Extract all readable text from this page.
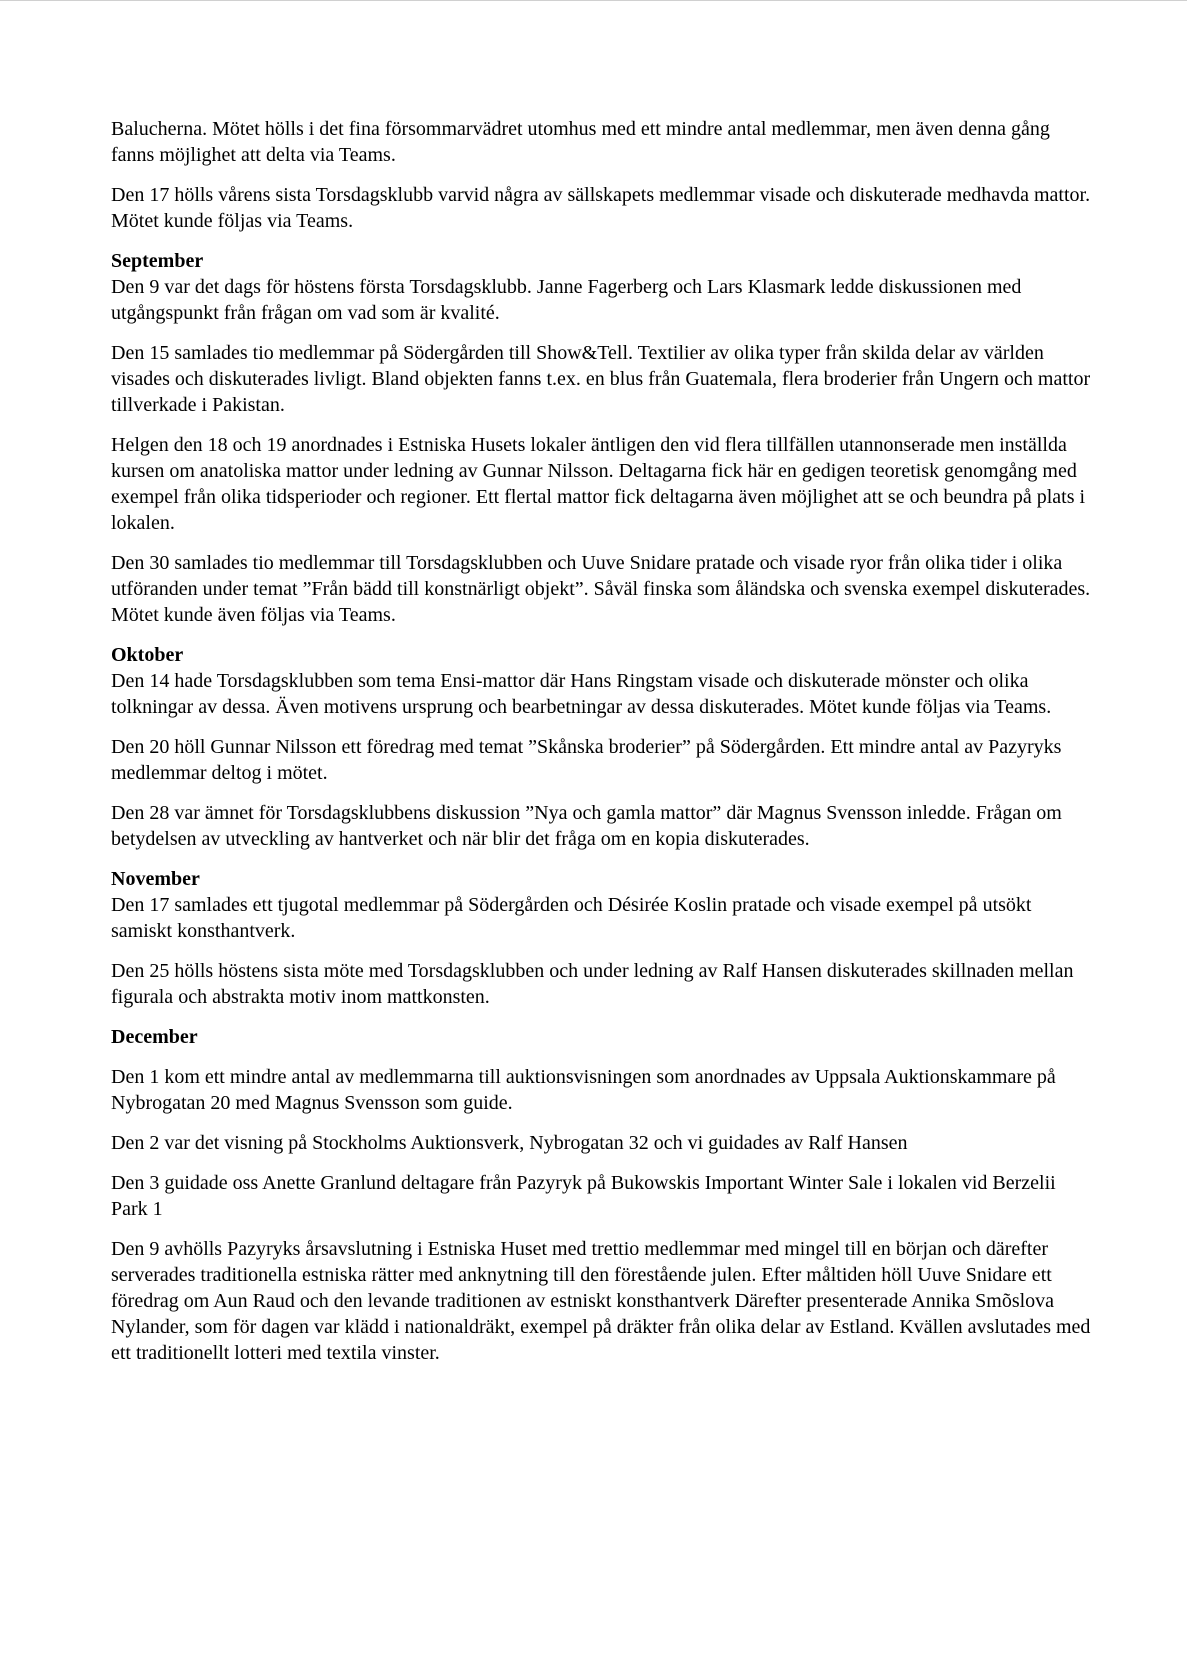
Balucherna. Mötet hölls i det fina försommarvädret utomhus med ett mindre antal medlemmar, men även denna gång fanns möjlighet att delta via Teams.

Den 17 hölls vårens sista Torsdagsklubb varvid några av sällskapets medlemmar visade och diskuterade medhavda mattor. Mötet kunde följas via Teams.

September

Den 9 var det dags för höstens första Torsdagsklubb. Janne Fagerberg och Lars Klasmark ledde diskussionen med utgångspunkt från frågan om vad som är kvalité.

Den 15 samlades tio medlemmar på Södergården till Show&Tell. Textilier av olika typer från skilda delar av världen visades och diskuterades livligt. Bland objekten fanns t.ex. en blus från Guatemala, flera broderier från Ungern och mattor tillverkade i Pakistan.

Helgen den 18 och 19 anordnades i Estniska Husets lokaler äntligen den vid flera tillfällen utannonserade men inställda kursen om anatoliska mattor under ledning av Gunnar Nilsson. Deltagarna fick här en gedigen teoretisk genomgång med exempel från olika tidsperioder och regioner. Ett flertal mattor fick deltagarna även möjlighet att se och beundra på plats i lokalen.

Den 30 samlades tio medlemmar till Torsdagsklubben och Uuve Snidare pratade och visade ryor från olika tider i olika utföranden under temat ”Från bädd till konstnärligt objekt”. Såväl finska som åländska och svenska exempel diskuterades. Mötet kunde även följas via Teams.

Oktober

Den 14 hade Torsdagsklubben som tema Ensi-mattor där Hans Ringstam visade och diskuterade mönster och olika tolkningar av dessa. Även motivens ursprung och bearbetningar av dessa diskuterades. Mötet kunde följas via Teams.

Den 20 höll Gunnar Nilsson ett föredrag med temat ”Skånska broderier” på Södergården. Ett mindre antal av Pazyryks medlemmar deltog i mötet.

Den 28 var ämnet för Torsdagsklubbens diskussion ”Nya och gamla mattor” där Magnus Svensson inledde. Frågan om betydelsen av utveckling av hantverket och när blir det fråga om en kopia diskuterades.

November

Den 17 samlades ett tjugotal medlemmar på Södergården och Désirée Koslin pratade och visade exempel på utsökt samiskt konsthantverk.

Den 25 hölls höstens sista möte med Torsdagsklubben och under ledning av Ralf Hansen diskuterades skillnaden mellan figurala och abstrakta motiv inom mattkonsten.

December

Den 1 kom ett mindre antal av medlemmarna till auktionsvisningen som anordnades av Uppsala Auktionskammare på Nybrogatan 20 med Magnus Svensson som guide.

Den 2 var det visning på Stockholms Auktionsverk, Nybrogatan 32 och vi guidades av Ralf Hansen

Den 3 guidade oss Anette Granlund deltagare från Pazyryk på Bukowskis Important Winter Sale i lokalen vid Berzelii Park 1

Den 9 avhölls Pazyryks årsavslutning i Estniska Huset med trettio medlemmar med mingel till en början och därefter serverades traditionella estniska rätter med anknytning till den förestående julen. Efter måltiden höll Uuve Snidare ett föredrag om Aun Raud och den levande traditionen av estniskt konsthantverk Därefter presenterade Annika Smõslova Nylander, som för dagen var klädd i nationaldräkt, exempel på dräkter från olika delar av Estland. Kvällen avslutades med ett traditionellt lotteri med textila vinster.
